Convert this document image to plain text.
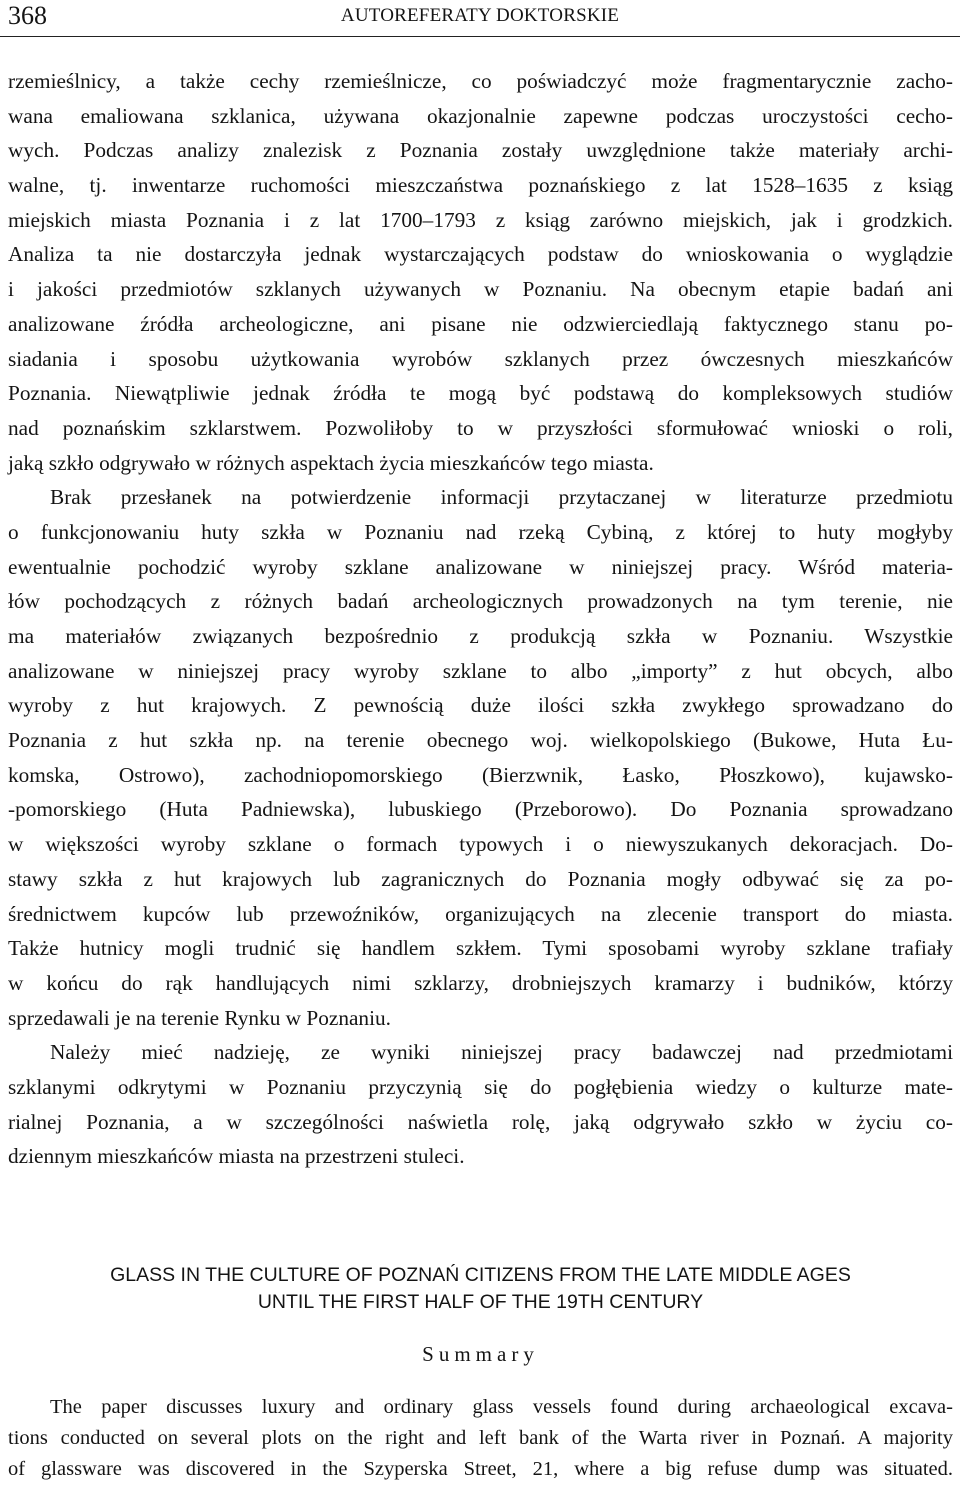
368	AUTOREFERATY DOKTORSKIE
rzemieślnicy, a także cechy rzemieślnicze, co poświadczyć może fragmentarycznie zacho-
wana emaliowana szklanica, używana okazjonalnie zapewne podczas uroczystości cecho-
wych. Podczas analizy znalezisk z Poznania zostały uwzględnione także materiały archi-
walne, tj. inwentarze ruchomości mieszczaństwa poznańskiego z lat 1528–1635 z ksiąg
miejskich miasta Poznania i z lat 1700–1793 z ksiąg zarówno miejskich, jak i grodzkich.
Analiza ta nie dostarczyła jednak wystarczających podstaw do wnioskowania o wyglądzie
i jakości przedmiotów szklanych używanych w Poznaniu. Na obecnym etapie badań ani
analizowane źródła archeologiczne, ani pisane nie odzwierciedlają faktycznego stanu po-
siadania i sposobu użytkowania wyrobów szklanych przez ówczesnych mieszkańców
Poznania. Niewątpliwie jednak źródła te mogą być podstawą do kompleksowych studiów
nad poznańskim szklarstwem. Pozwoliłoby to w przyszłości sformułować wnioski o roli,
jaką szkło odgrywało w różnych aspektach życia mieszkańców tego miasta.
Brak przesłanek na potwierdzenie informacji przytaczanej w literaturze przedmiotu
o funkcjonowaniu huty szkła w Poznaniu nad rzeką Cybiną, z której to huty mogłyby
ewentualnie pochodzić wyroby szklane analizowane w niniejszej pracy. Wśród materia-
łów pochodzących z różnych badań archeologicznych prowadzonych na tym terenie, nie
ma materiałów związanych bezpośrednio z produkcją szkła w Poznaniu. Wszystkie
analizowane w niniejszej pracy wyroby szklane to albo „importy” z hut obcych, albo
wyroby z hut krajowych. Z pewnością duże ilości szkła zwykłego sprowadzano do
Poznania z hut szkła np. na terenie obecnego woj. wielkopolskiego (Bukowe, Huta Łu-
komska, Ostrowo), zachodniopomorskiego (Bierzwnik, Łasko, Płoszkowo), kujawsko-
-pomorskiego (Huta Padniewska), lubuskiego (Przeborowo). Do Poznania sprowadzano
w większości wyroby szklane o formach typowych i o niewyszukanych dekoracjach. Do-
stawy szkła z hut krajowych lub zagranicznych do Poznania mogły odbywać się za po-
średnictwem kupców lub przewoźników, organizujących na zlecenie transport do miasta.
Także hutnicy mogli trudnić się handlem szkłem. Tymi sposobami wyroby szklane trafiały
w końcu do rąk handlujących nimi szklarzy, drobniejszych kramarzy i budników, którzy
sprzedawali je na terenie Rynku w Poznaniu.
Należy mieć nadzieję, ze wyniki niniejszej pracy badawczej nad przedmiotami
szklanymi odkrytymi w Poznaniu przyczynią się do pogłębienia wiedzy o kulturze mate-
rialnej Poznania, a w szczególności naświetla rolę, jaką odgrywało szkło w życiu co-
dziennym mieszkańców miasta na przestrzeni stuleci.

GLASS IN THE CULTURE OF POZNAŃ CITIZENS FROM THE LATE MIDDLE AGES
UNTIL THE FIRST HALF OF THE 19TH CENTURY

Summary

The paper discusses luxury and ordinary glass vessels found during archaeological excava-
tions conducted on several plots on the right and left bank of the Warta river in Poznań. A majority
of glassware was discovered in the Szyperska Street, 21, where a big refuse dump was situated.
